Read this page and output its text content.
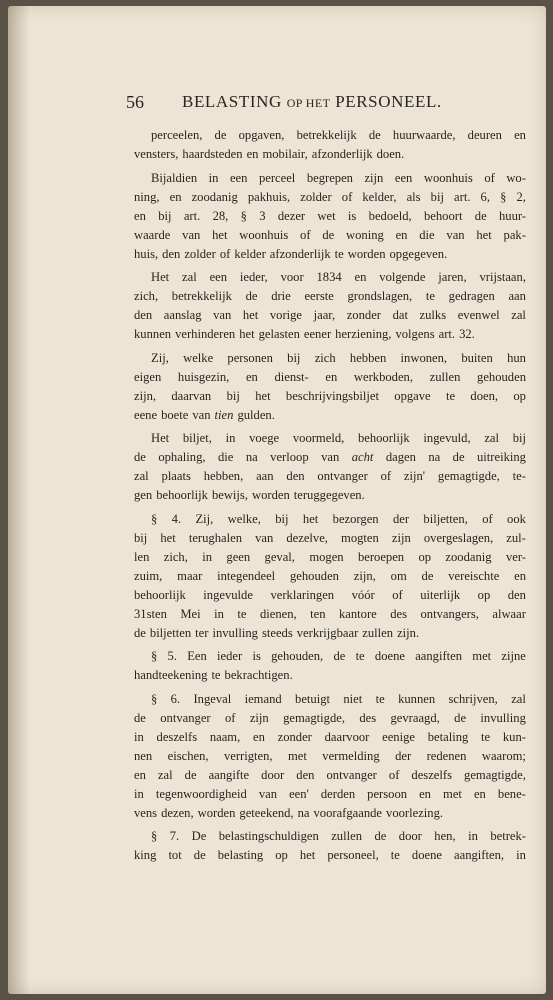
56 BELASTING OP HET PERSONEEL.
perceelen, de opgaven, betrekkelijk de huurwaarde, deuren en
vensters, haardsteden en mobilair, afzonderlijk doen.
Bijaldien in een perceel begrepen zijn een woonhuis of wo-
ning, en zoodanig pakhuis, zolder of kelder, als bij art. 6, § 2,
en bij art. 28, § 3 dezer wet is bedoeld, behoort de huur-
waarde van het woonhuis of de woning en die van het pak-
huis, den zolder of kelder afzonderlijk te worden opgegeven.
Het zal een ieder, voor 1834 en volgende jaren, vrijstaan,
zich, betrekkelijk de drie eerste grondslagen, te gedragen aan
den aanslag van het vorige jaar, zonder dat zulks evenwel zal
kunnen verhinderen het gelasten eener herziening, volgens art. 32.
Zij, welke personen bij zich hebben inwonen, buiten hun
eigen huisgezin, en dienst- en werkboden, zullen gehouden
zijn, daarvan bij het beschrijvingsbiljet opgave te doen, op
eene boete van tien gulden.
Het biljet, in voege voormeld, behoorlijk ingevuld, zal bij
de ophaling, die na verloop van acht dagen na de uitreiking
zal plaats hebben, aan den ontvanger of zijn' gemagtigde, te-
gen behoorlijk bewijs, worden teruggegeven.
§ 4. Zij, welke, bij het bezorgen der biljetten, of ook
bij het terughalen van dezelve, mogten zijn overgeslagen, zul-
len zich, in geen geval, mogen beroepen op zoodanig ver-
zuim, maar integendeel gehouden zijn, om de vereischte en
behoorlijk ingevulde verklaringen vóór of uiterlijk op den
31sten Mei in te dienen, ten kantore des ontvangers, alwaar
de biljetten ter invulling steeds verkrijgbaar zullen zijn.
§ 5. Een ieder is gehouden, de te doene aangiften met zijne
handteekening te bekrachtigen.
§ 6. Ingeval iemand betuigt niet te kunnen schrijven, zal
de ontvanger of zijn gemagtigde, des gevraagd, de invulling
in deszelfs naam, en zonder daarvoor eenige betaling te kun-
nen eischen, verrigten, met vermelding der redenen waarom;
en zal de aangifte door den ontvanger of deszelfs gemagtigde,
in tegenwoordigheid van een' derden persoon en met en bene-
vens dezen, worden geteekend, na voorafgaande voorlezing.
§ 7. De belastingschuldigen zullen de door hen, in betrek-
king tot de belasting op het personeel, te doene aangiften, in
